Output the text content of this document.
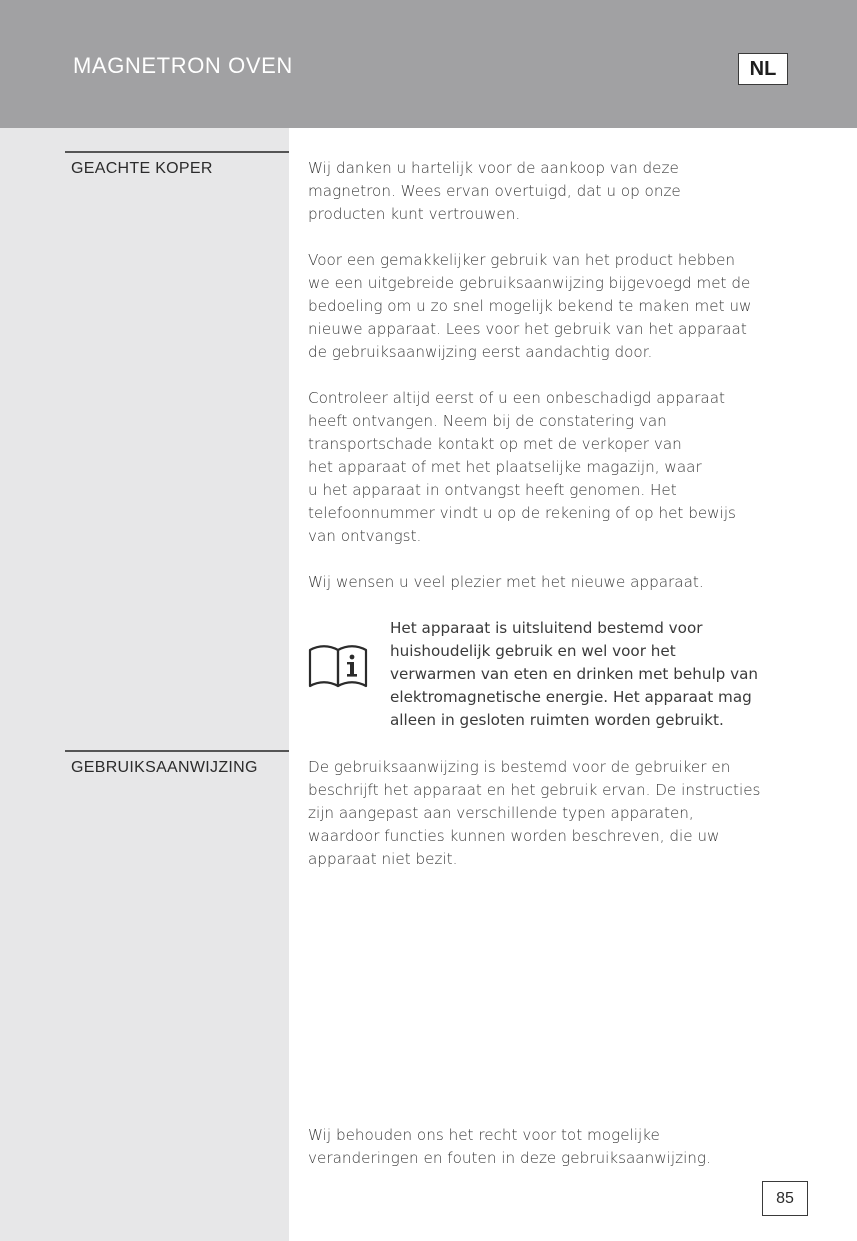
MAGNETRON OVEN	NL
GEACHTE KOPER	Wij danken u hartelijk voor de aankoop van deze
magnetron. Wees ervan overtuigd, dat u op onze
producten kunt vertrouwen.
Voor een gemakkelijker gebruik van het product hebben
we een uitgebreide gebruiksaanwijzing bijgevoegd met de
bedoeling om u zo snel mogelijk bekend te maken met uw
nieuwe apparaat. Lees voor het gebruik van het apparaat
de gebruiksaanwijzing eerst aandachtig door.
Controleer altijd eerst of u een onbeschadigd apparaat
heeft ontvangen. Neem bij de constatering van
transportschade kontakt op met de verkoper van
het apparaat of met het plaatselijke magazijn, waar
u het apparaat in ontvangst heeft genomen. Het
telefoonnummer vindt u op de rekening of op het bewijs
van ontvangst.
Wij wensen u veel plezier met het nieuwe apparaat.
Het apparaat is uitsluitend bestemd voor
huishoudelijk gebruik en wel voor het
verwarmen van eten en drinken met behulp van
elektromagnetische energie. Het apparaat mag
alleen in gesloten ruimten worden gebruikt.
GEBRUIKSAANWIJZING	De gebruiksaanwijzing is bestemd voor de gebruiker en
beschrijft het apparaat en het gebruik ervan. De instructies
zijn aangepast aan verschillende typen apparaten,
waardoor functies kunnen worden beschreven, die uw
apparaat niet bezit.
Wij behouden ons het recht voor tot mogelijke
veranderingen en fouten in deze gebruiksaanwijzing.
85
